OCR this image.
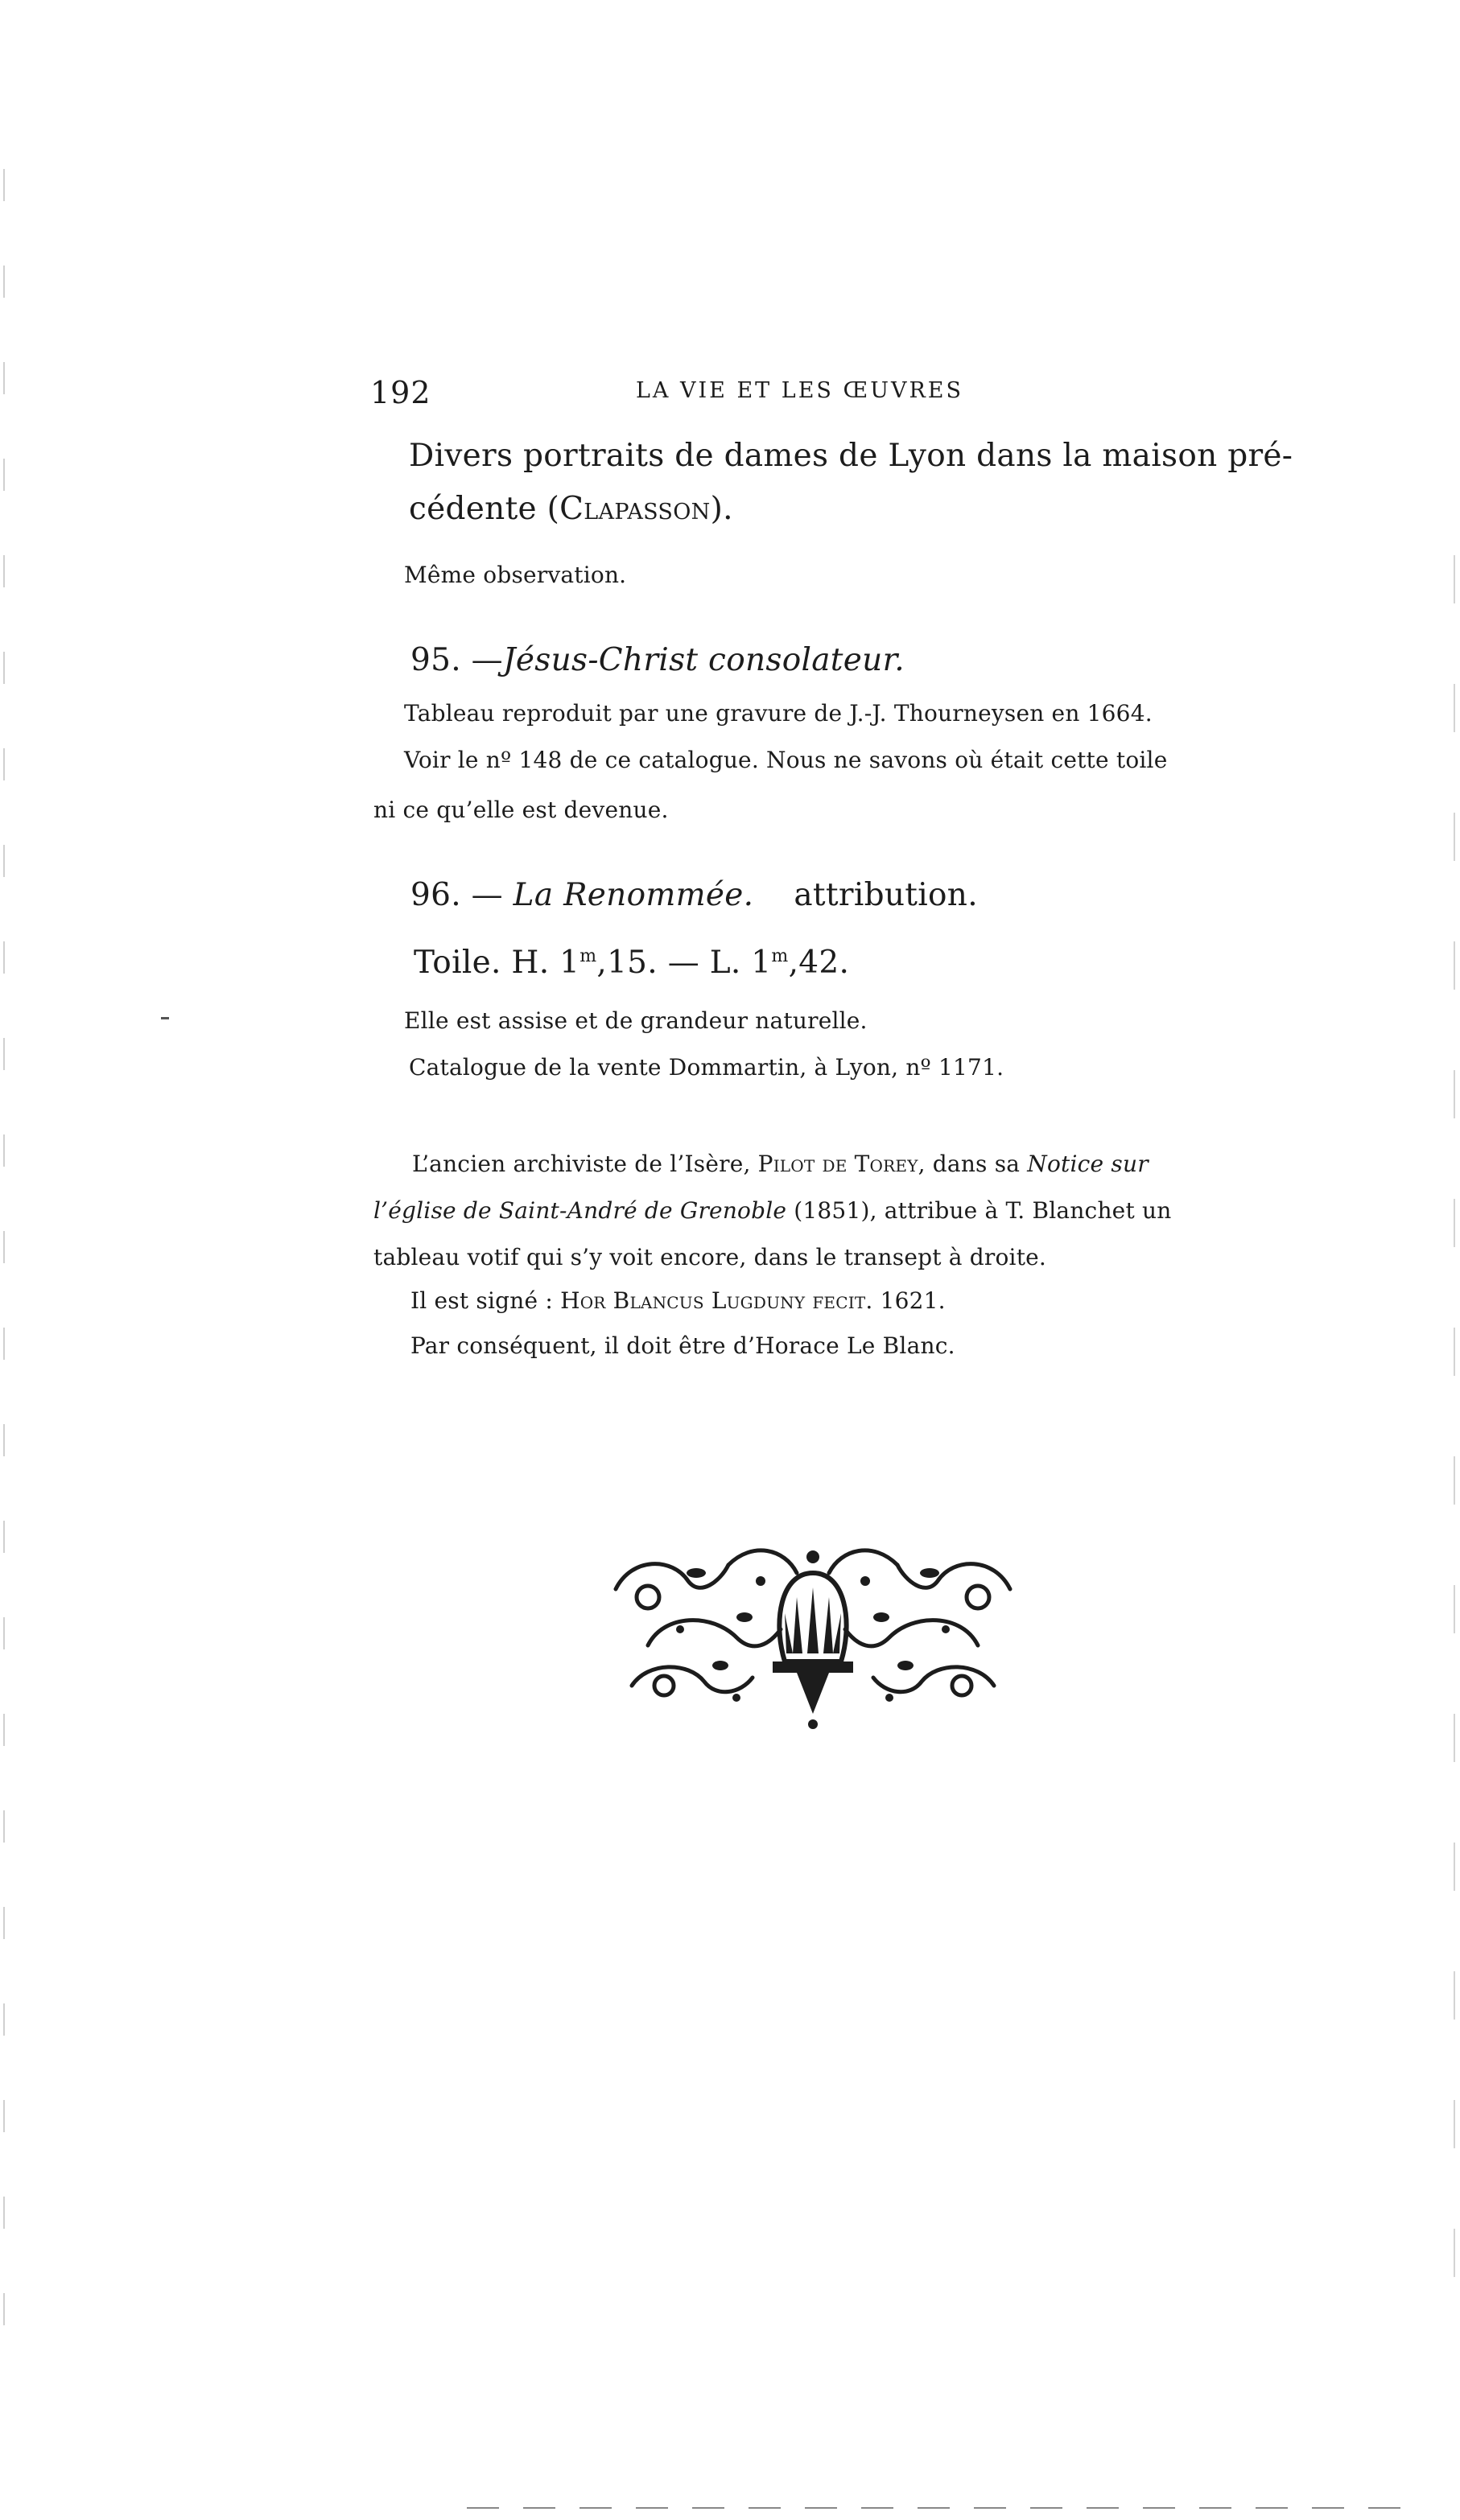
192	LA VIE ET LES ŒUVRES
Divers portraits de dames de Lyon dans la maison pré-
cédente (Clapasson).
Même observation.
95. —Jésus-Christ consolateur.
Tableau reproduit par une gravure de J.-J. Thourneysen en 1664.
Voir le nº 148 de ce catalogue. Nous ne savons où était cette toile
ni ce qu’elle est devenue.
96. — La Renommée. attribution.
Toile. H. 1$^m$,15. — L. 1$^m$,42.
Elle est assise et de grandeur naturelle.
Catalogue de la vente Dommartin, à Lyon, nº 1171.
L’ancien archiviste de l’Isère, Pilot de Torey, dans sa Notice sur
l’église de Saint-André de Grenoble (1851), attribue à T. Blanchet un
tableau votif qui s’y voit encore, dans le transept à droite.
Il est signé : Hor Blancus Lugduny fecit. 1621.
Par conséquent, il doit être d’Horace Le Blanc.
